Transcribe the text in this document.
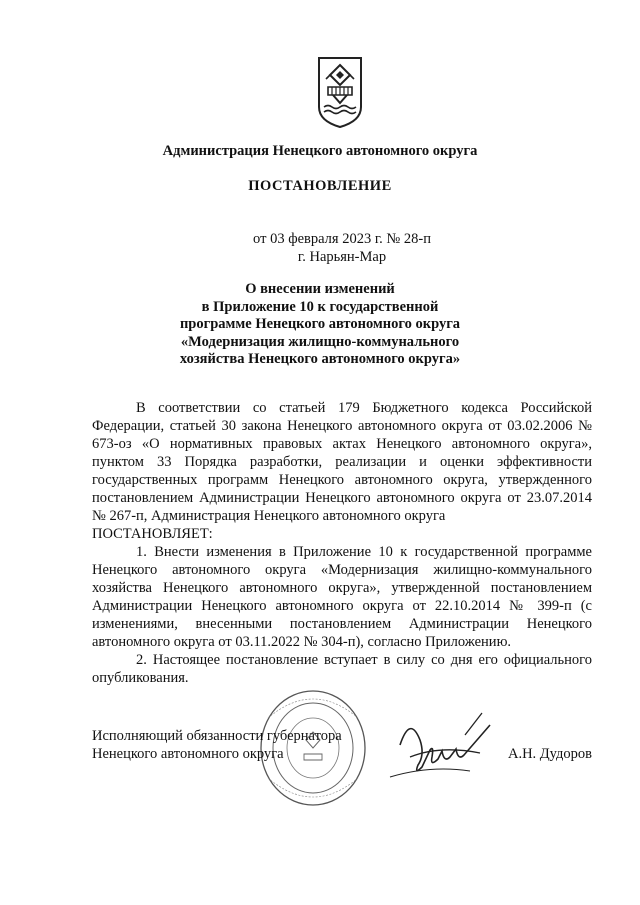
Администрация Ненецкого автономного округа
ПОСТАНОВЛЕНИЕ
от 03 февраля 2023 г. № 28-п
г. Нарьян-Мар
О внесении изменений
в Приложение 10 к государственной
программе Ненецкого автономного округа
«Модернизация жилищно-коммунального
хозяйства Ненецкого автономного округа»

В соответствии со статьей 179 Бюджетного кодекса Российской Федерации, статьей 30 закона Ненецкого автономного округа от 03.02.2006 № 673-оз «О нормативных правовых актах Ненецкого автономного округа», пунктом 33 Порядка разработки, реализации и оценки эффективности государственных программ Ненецкого автономного округа, утвержденного постановлением Администрации Ненецкого автономного округа от 23.07.2014 № 267-п, Администрация Ненецкого автономного округа

ПОСТАНОВЛЯЕТ:

1. Внести изменения в Приложение 10 к государственной программе Ненецкого автономного округа «Модернизация жилищно-коммунального хозяйства Ненецкого автономного округа», утвержденной постановлением Администрации Ненецкого автономного округа от 22.10.2014 № 399-п (с изменениями, внесенными постановлением Администрации Ненецкого автономного округа от 03.11.2022 № 304-п), согласно Приложению.

2. Настоящее постановление вступает в силу со дня его официального опубликования.

Исполняющий обязанности губернатора
Ненецкого автономного округа	А.Н. Дудоров
